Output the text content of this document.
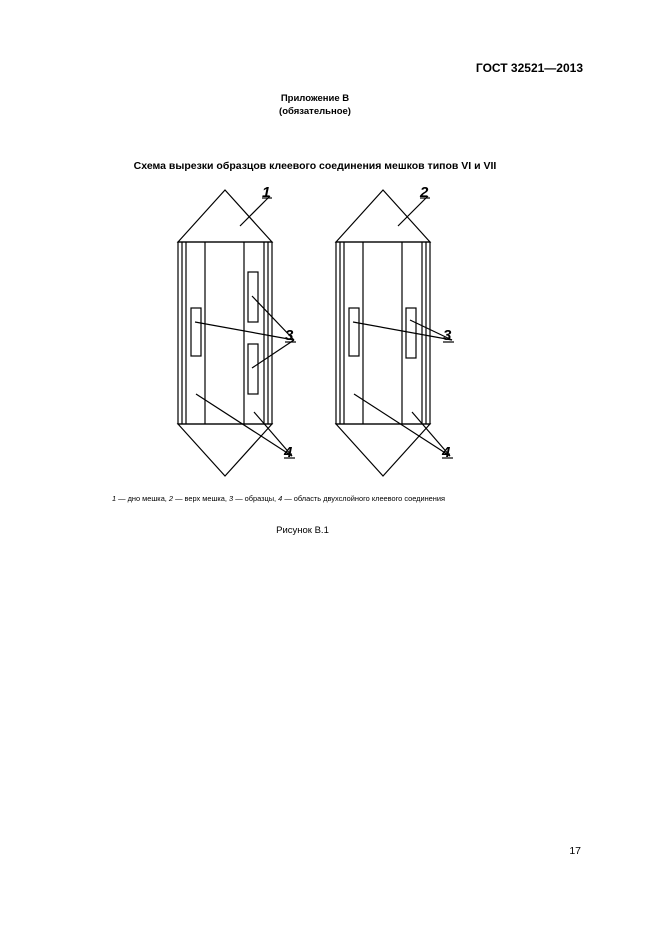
ГОСТ 32521—2013
Приложение В
(обязательное)
Схема вырезки образцов клеевого соединения мешков типов VI и VII
1
3
4
2
3
4
1 — дно мешка, 2 — верх мешка, 3 — образцы, 4 — область двухслойного клеевого соединения
Рисунок В.1
17
